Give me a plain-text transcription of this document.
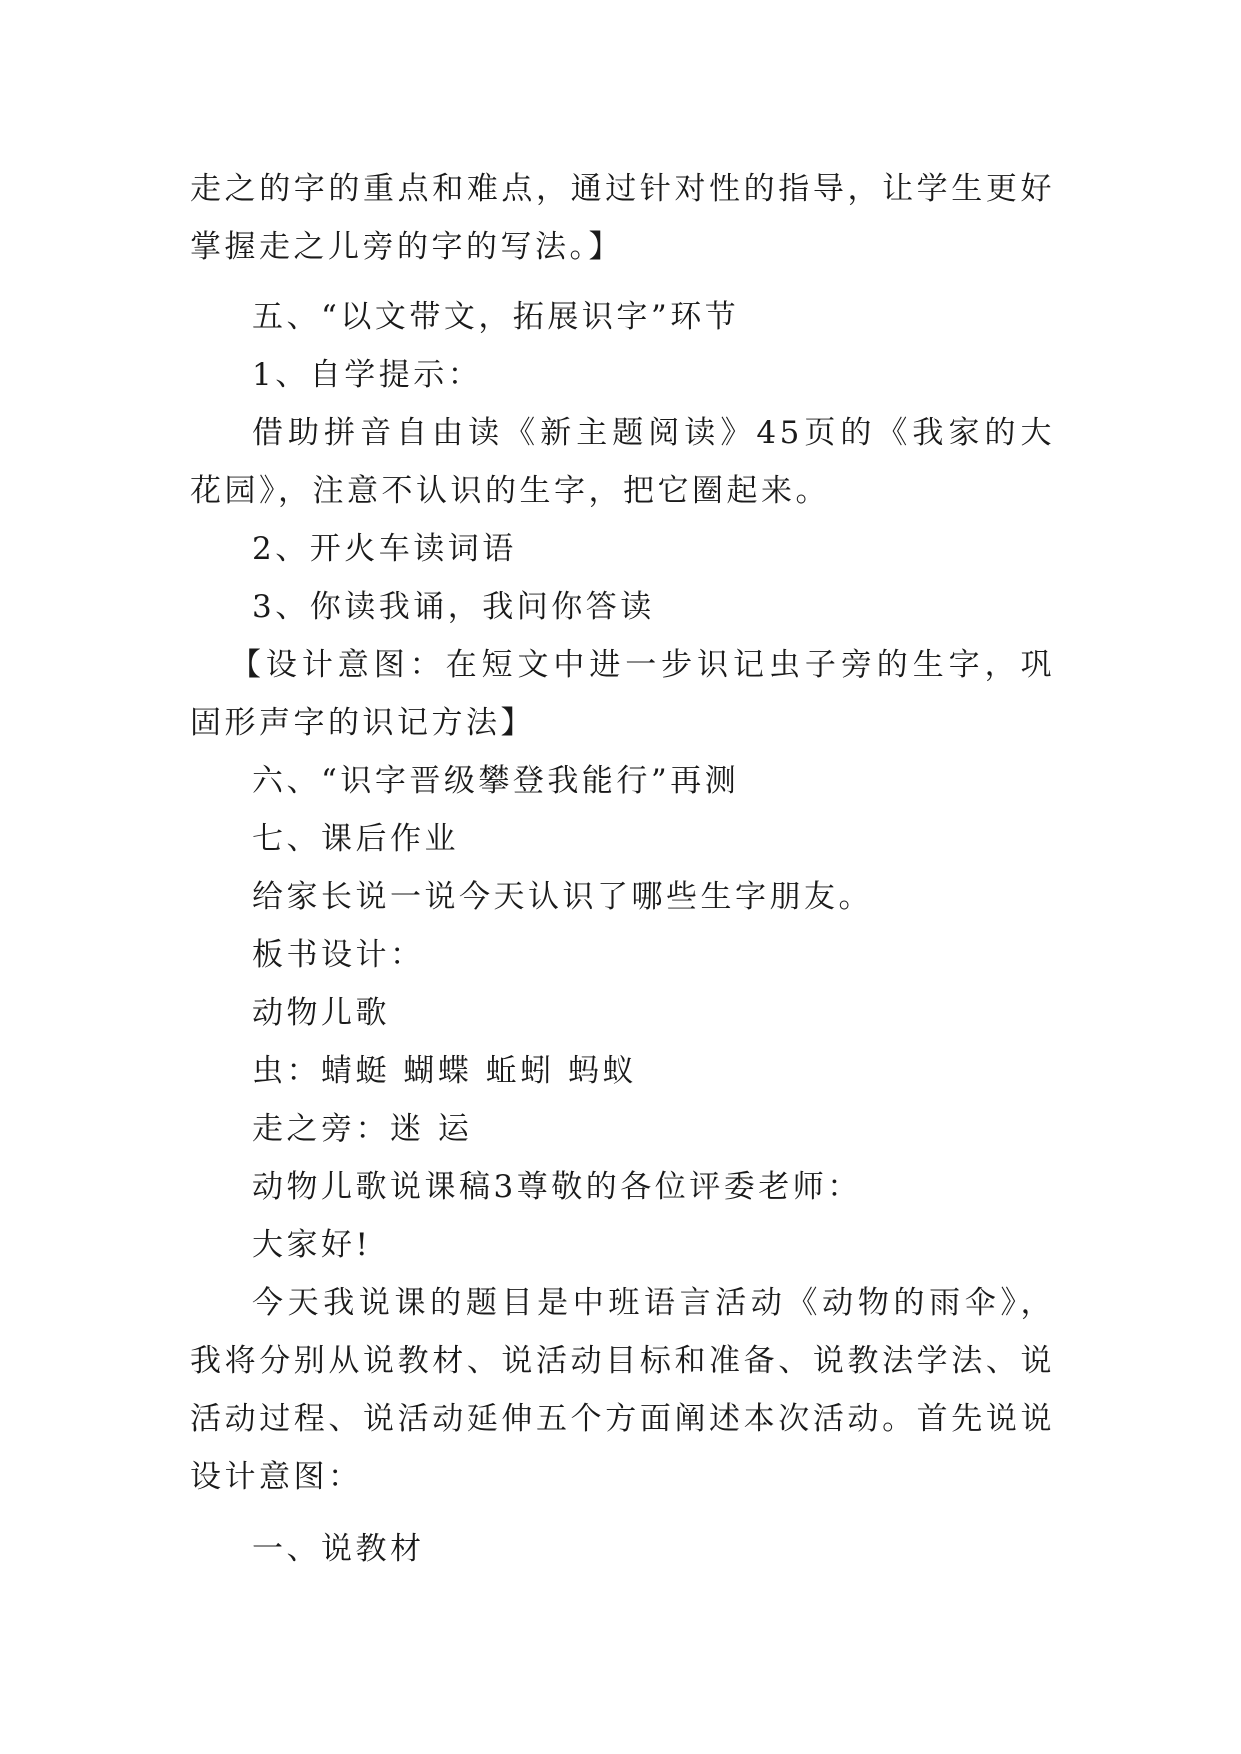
走之的字的重点和难点，通过针对性的指导，让学生更好掌握走之儿旁的字的写法。】

五、“以文带文，拓展识字”环节

1、自学提示：

借助拼音自由读《新主题阅读》45页的《我家的大花园》，注意不认识的生字，把它圈起来。

2、开火车读词语

3、你读我诵，我问你答读

【设计意图：在短文中进一步识记虫子旁的生字，巩固形声字的识记方法】

六、“识字晋级攀登我能行”再测

七、课后作业

给家长说一说今天认识了哪些生字朋友。

板书设计：

动物儿歌

虫：蜻蜓 蝴蝶 蚯蚓 蚂蚁

走之旁：迷 运

动物儿歌说课稿3尊敬的各位评委老师：

大家好!

今天我说课的题目是中班语言活动《动物的雨伞》，我将分别从说教材、说活动目标和准备、说教法学法、说活动过程、说活动延伸五个方面阐述本次活动。首先说说设计意图：

一、说教材
